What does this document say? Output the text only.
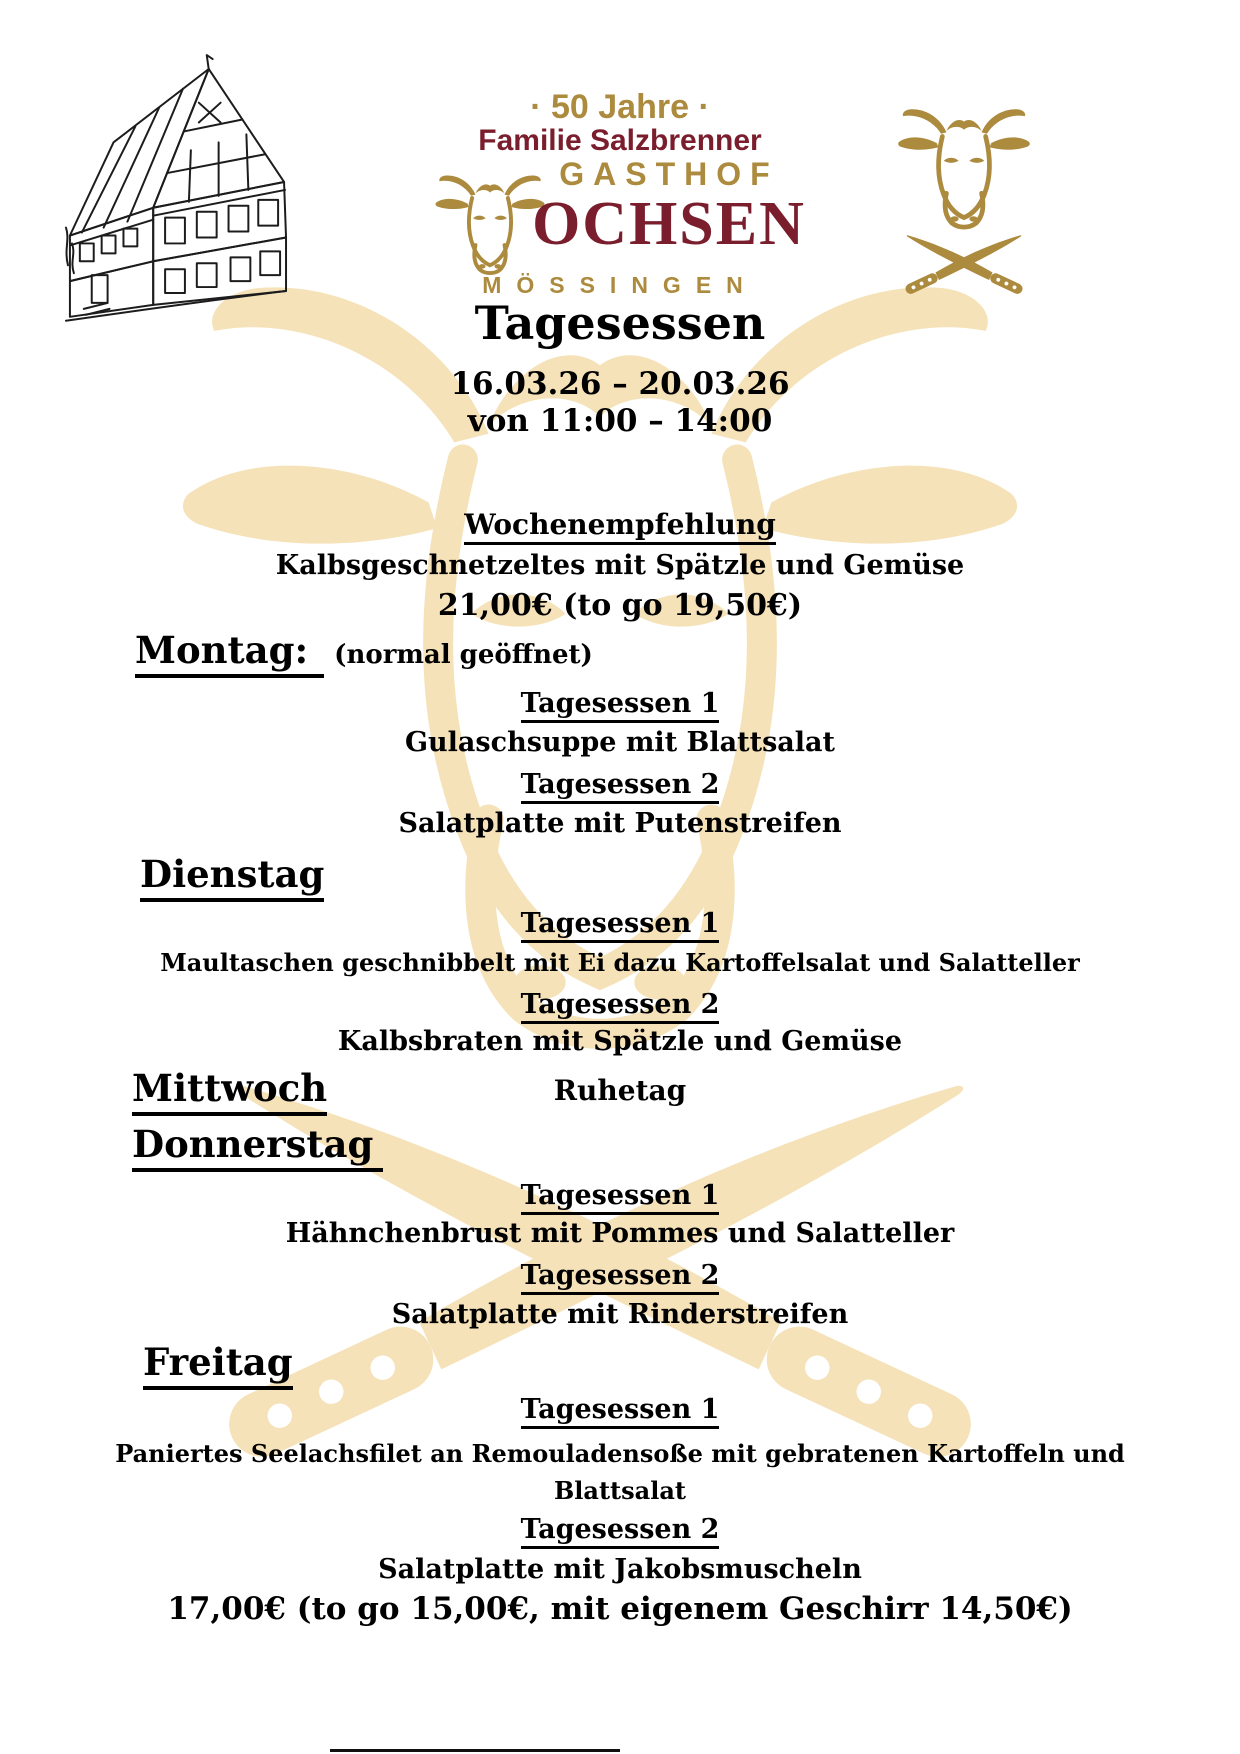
· 50 Jahre ·
Familie Salzbrenner
GASTHOF
OCHSEN
MÖSSINGEN
Tagesessen
16.03.26 – 20.03.26
von 11:00 – 14:00
Wochenempfehlung
Kalbsgeschnetzeltes mit Spätzle und Gemüse
21,00€ (to go 19,50€)
Montag: (normal geöffnet)
Tagesessen 1
Gulaschsuppe mit Blattsalat
Tagesessen 2
Salatplatte mit Putenstreifen
Dienstag
Tagesessen 1
Maultaschen geschnibbelt mit Ei dazu Kartoffelsalat und Salatteller
Tagesessen 2
Kalbsbraten mit Spätzle und Gemüse
Mittwoch	Ruhetag
Donnerstag
Tagesessen 1
Hähnchenbrust mit Pommes und Salatteller
Tagesessen 2
Salatplatte mit Rinderstreifen
Freitag
Tagesessen 1
Paniertes Seelachsfilet an Remouladensoße mit gebratenen Kartoffeln und Blattsalat
Tagesessen 2
Salatplatte mit Jakobsmuscheln
17,00€ (to go 15,00€, mit eigenem Geschirr 14,50€)
